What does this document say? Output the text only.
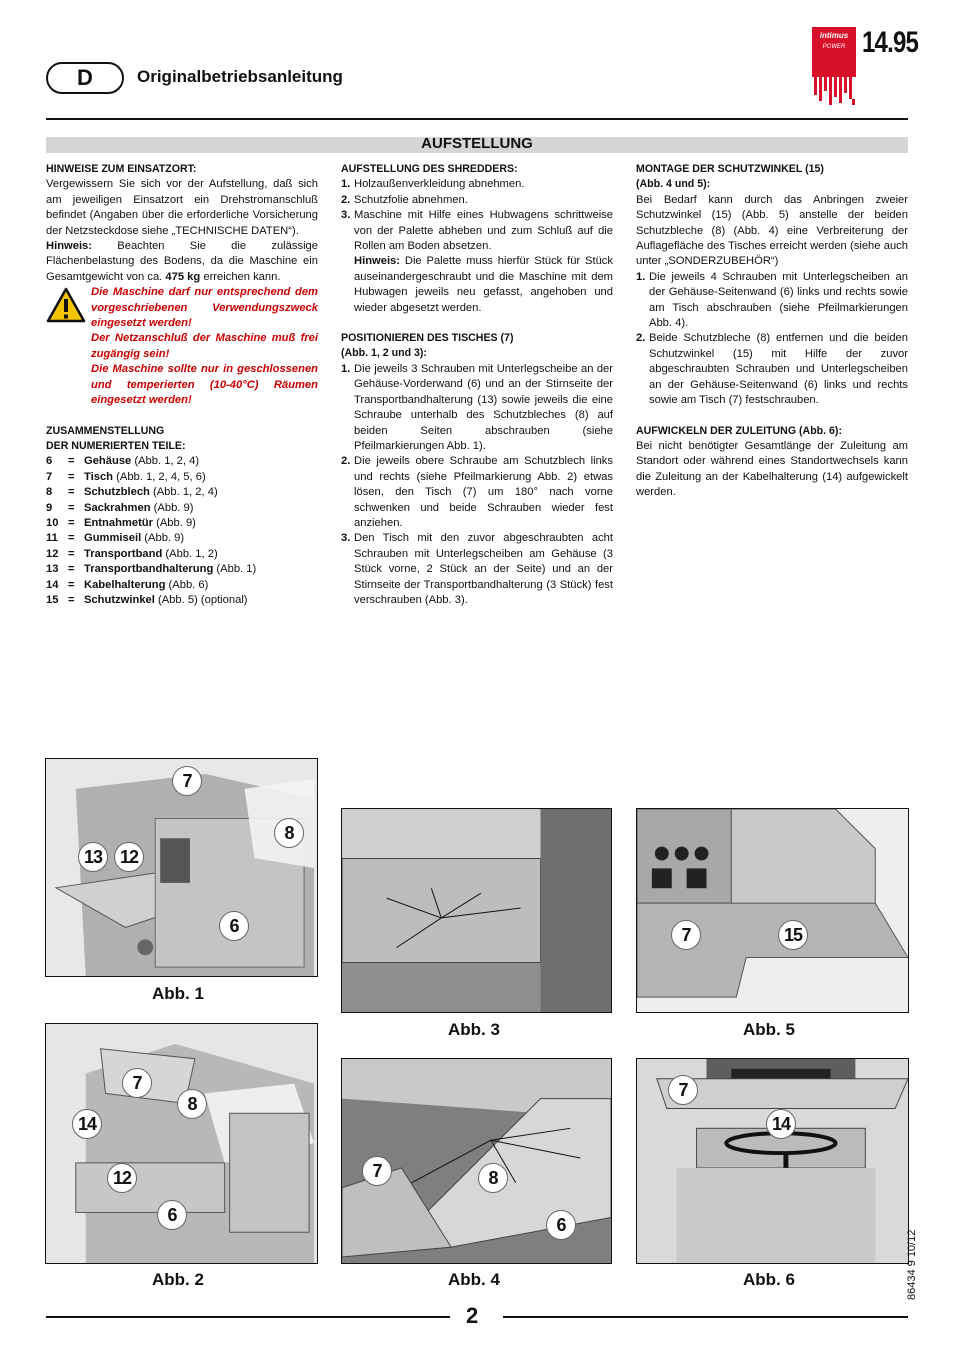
D	Originalbetriebsanleitung
intimus
POWER 14.95
AUFSTELLUNG
HINWEISE ZUM EINSATZORT:

Vergewissern Sie sich vor der Aufstellung, daß sich am jeweiligen Einsatzort ein Drehstromanschluß befindet (Angaben über die erforderliche Vorsicherung der Netzsteckdose siehe „TECHNISCHE DATEN“).

Hinweis: Beachten Sie die zulässige Flächenbelastung des Bodens, da die Maschine ein Gesamtgewicht von ca. 475 kg erreichen kann.

Die Maschine darf nur entsprechend dem vorgeschriebenen Verwendungszweck eingesetzt werden!
Der Netzanschluß der Maschine muß frei zugängig sein!
Die Maschine sollte nur in geschlossenen und temperierten (10-40°C) Räumen eingesetzt werden!
ZUSAMMENSTELLUNG
DER NUMERIERTEN TEILE:
6	= Gehäuse (Abb. 1, 2, 4)
7	= Tisch (Abb. 1, 2, 4, 5, 6)
8	= Schutzblech (Abb. 1, 2, 4)
9	= Sackrahmen (Abb. 9)
10 = Entnahmetür (Abb. 9)
11 = Gummiseil (Abb. 9)
12 = Transportband (Abb. 1, 2)
13 = Transportbandhalterung (Abb. 1)
14 = Kabelhalterung (Abb. 6)
15 = Schutzwinkel (Abb. 5) (optional)
AUFSTELLUNG DES SHREDDERS:
1. Holzaußenverkleidung abnehmen.
2. Schutzfolie abnehmen.
3. Maschine mit Hilfe eines Hubwagens schrittweise von der Palette abheben und zum Schluß auf die Rollen am Boden absetzen.
Hinweis: Die Palette muss hierfür Stück für Stück auseinandergeschraubt und die Maschine mit dem Hubwagen jeweils neu gefasst, angehoben und wieder abgesetzt werden.
POSITIONIEREN DES TISCHES (7)
(Abb. 1, 2 und 3):
1. Die jeweils 3 Schrauben mit Unterlegscheibe an der Gehäuse-Vorderwand (6) und an der Stirnseite der Transportbandhalterung (13) sowie jeweils die eine Schraube unterhalb des Schutzbleches (8) auf beiden Seiten abschrauben (siehe Pfeilmarkierungen Abb. 1).
2. Die jeweils obere Schraube am Schutzblech links und rechts (siehe Pfeilmarkierung Abb. 2) etwas lösen, den Tisch (7) um 180° nach vorne schwenken und beide Schrauben wieder fest anziehen.
3. Den Tisch mit den zuvor abgeschraubten acht Schrauben mit Unterlegscheiben am Gehäuse (3 Stück vorne, 2 Stück an der Seite) und an der Stirnseite der Transportbandhalterung (3 Stück) fest verschrauben (Abb. 3).
MONTAGE DER SCHUTZWINKEL (15)
(Abb. 4 und 5):

Bei Bedarf kann durch das Anbringen zweier Schutzwinkel (15) (Abb. 5) anstelle der beiden Schutzbleche (8) (Abb. 4) eine Verbreiterung der Auflagefläche des Tisches erreicht werden (siehe auch unter „SONDERZUBEHÖR“)

1. Die jeweils 4 Schrauben mit Unterlegscheiben an der Gehäuse-Seitenwand (6) links und rechts sowie am Tisch abschrauben (siehe Pfeilmarkierungen Abb. 4).
2. Beide Schutzbleche (8) entfernen und die beiden Schutzwinkel (15) mit Hilfe der zuvor abgeschraubten Schrauben und Unterlegscheiben an der Gehäuse-Seitenwand (6) links und rechts sowie am Tisch (7) festschrauben.
AUFWICKELN DER ZULEITUNG (Abb. 6):

Bei nicht benötigter Gesamtlänge der Zuleitung am Standort oder während eines Standortwechsels kann die Zuleitung an der Kabelhalterung (14) aufgewickelt werden.

7
8
13 12
6
Abb. 1
Abb. 3
7	15
Abb. 5
7
8
14
12
6
Abb. 2
7	8
6
Abb. 4
7
14
Abb. 6	86434 9 10/12
2
